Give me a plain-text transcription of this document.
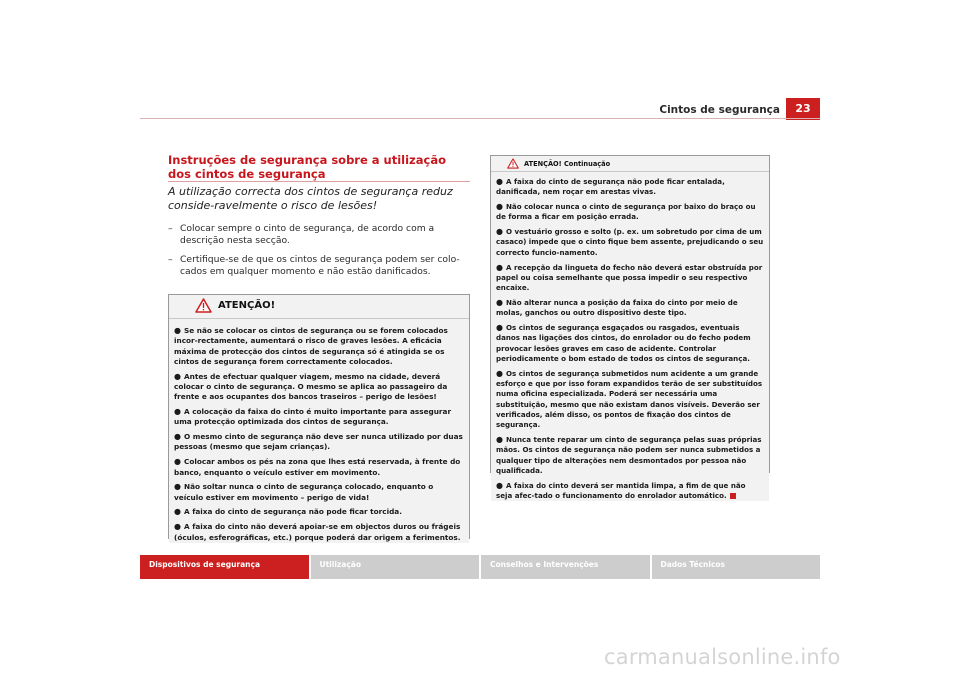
Cintos de segurança	23
Instruções de segurança sobre a utilização dos cintos de segurança

A utilização correcta dos cintos de segurança reduz conside-ravelmente o risco de lesões!

– Colocar sempre o cinto de segurança, de acordo com a descrição nesta secção.
– Certifique-se de que os cintos de segurança podem ser colo-cados em qualquer momento e não estão danificados.
ATENÇÃO!
● Se não se colocar os cintos de segurança ou se forem colocados incor-rectamente, aumentará o risco de graves lesões. A eficácia máxima de protecção dos cintos de segurança só é atingida se os cintos de segurança forem correctamente colocados.
● Antes de efectuar qualquer viagem, mesmo na cidade, deverá colocar o cinto de segurança. O mesmo se aplica ao passageiro da frente e aos ocupantes dos bancos traseiros – perigo de lesões!
● A colocação da faixa do cinto é muito importante para assegurar uma protecção optimizada dos cintos de segurança.
● O mesmo cinto de segurança não deve ser nunca utilizado por duas pessoas (mesmo que sejam crianças).
● Colocar ambos os pés na zona que lhes está reservada, à frente do banco, enquanto o veículo estiver em movimento.
● Não soltar nunca o cinto de segurança colocado, enquanto o veículo estiver em movimento – perigo de vida!
● A faixa do cinto de segurança não pode ficar torcida.
● A faixa do cinto não deverá apoiar-se em objectos duros ou frágeis (óculos, esferográficas, etc.) porque poderá dar origem a ferimentos.
ATENÇÃO! Continuação
● A faixa do cinto de segurança não pode ficar entalada, danificada, nem roçar em arestas vivas.
● Não colocar nunca o cinto de segurança por baixo do braço ou de forma a ficar em posição errada.
● O vestuário grosso e solto (p. ex. um sobretudo por cima de um casaco) impede que o cinto fique bem assente, prejudicando o seu correcto funcio-namento.
● A recepção da lingueta do fecho não deverá estar obstruída por papel ou coisa semelhante que possa impedir o seu respectivo encaixe.
● Não alterar nunca a posição da faixa do cinto por meio de molas, ganchos ou outro dispositivo deste tipo.
● Os cintos de segurança esgaçados ou rasgados, eventuais danos nas ligações dos cintos, do enrolador ou do fecho podem provocar lesões graves em caso de acidente. Controlar periodicamente o bom estado de todos os cintos de segurança.
● Os cintos de segurança submetidos num acidente a um grande esforço e que por isso foram expandidos terão de ser substituídos numa oficina especializada. Poderá ser necessária uma substituição, mesmo que não existam danos visíveis. Deverão ser verificados, além disso, os pontos de fixação dos cintos de segurança.
● Nunca tente reparar um cinto de segurança pelas suas próprias mãos. Os cintos de segurança não podem ser nunca submetidos a qualquer tipo de alterações nem desmontados por pessoa não qualificada.
● A faixa do cinto deverá ser mantida limpa, a fim de que não seja afec-tado o funcionamento do enrolador automático.
Dispositivos de segurança	Utilização	Conselhos e Intervenções	Dados Técnicos
carmanualsonline.info
